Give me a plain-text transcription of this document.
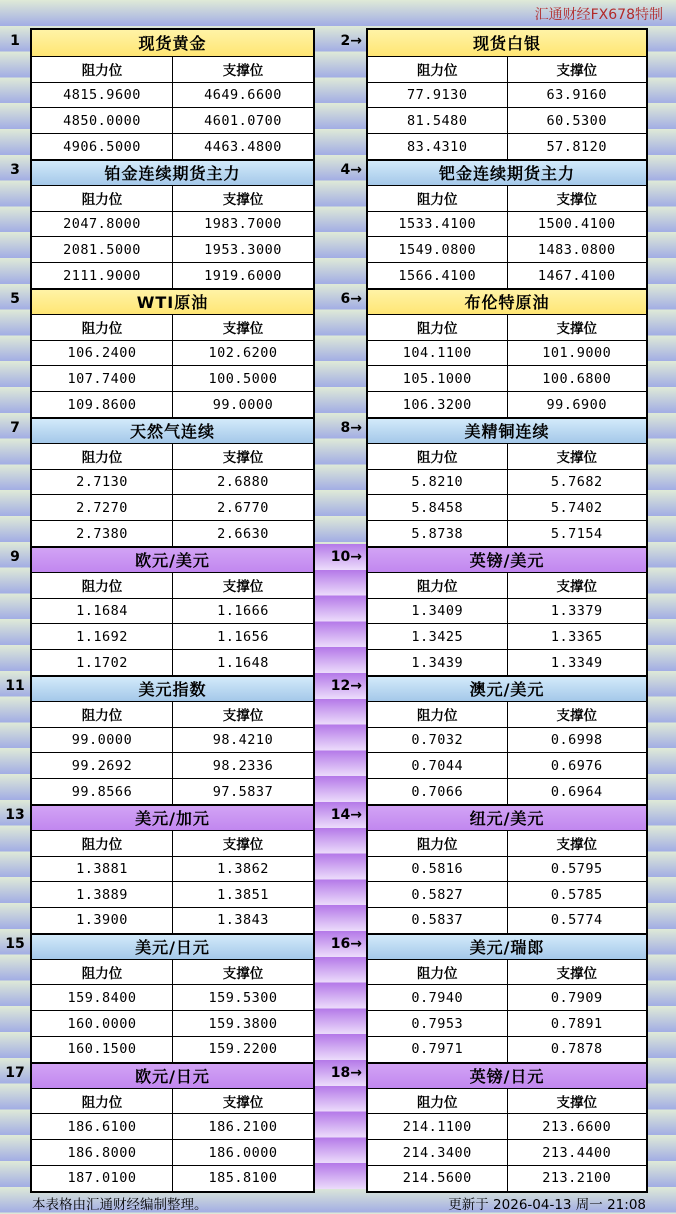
汇通财经FX678特制
现货黄金
阻力位	支撑位
4815.9600	4649.6600
4850.0000	4601.0700
4906.5000	4463.4800
铂金连续期货主力
阻力位	支撑位
2047.8000	1983.7000
2081.5000	1953.3000
2111.9000	1919.6000
WTI原油
阻力位	支撑位
106.2400	102.6200
107.7400	100.5000
109.8600	99.0000
天然气连续
阻力位	支撑位
2.7130	2.6880
2.7270	2.6770
2.7380	2.6630
欧元/美元
阻力位	支撑位
1.1684	1.1666
1.1692	1.1656
1.1702	1.1648
美元指数
阻力位	支撑位
99.0000	98.4210
99.2692	98.2336
99.8566	97.5837
美元/加元
阻力位	支撑位
1.3881	1.3862
1.3889	1.3851
1.3900	1.3843
美元/日元
阻力位	支撑位
159.8400	159.5300
160.0000	159.3800
160.1500	159.2200
欧元/日元
阻力位	支撑位
186.6100	186.2100
186.8000	186.0000
187.0100	185.8100
现货白银
阻力位	支撑位
77.9130	63.9160
81.5480	60.5300
83.4310	57.8120
钯金连续期货主力
阻力位	支撑位
1533.4100	1500.4100
1549.0800	1483.0800
1566.4100	1467.4100
布伦特原油
阻力位	支撑位
104.1100	101.9000
105.1000	100.6800
106.3200	99.6900
美精铜连续
阻力位	支撑位
5.8210	5.7682
5.8458	5.7402
5.8738	5.7154
英镑/美元
阻力位	支撑位
1.3409	1.3379
1.3425	1.3365
1.3439	1.3349
澳元/美元
阻力位	支撑位
0.7032	0.6998
0.7044	0.6976
0.7066	0.6964
纽元/美元
阻力位	支撑位
0.5816	0.5795
0.5827	0.5785
0.5837	0.5774
美元/瑞郎
阻力位	支撑位
0.7940	0.7909
0.7953	0.7891
0.7971	0.7878
英镑/日元
阻力位	支撑位
214.1100	213.6600
214.3400	213.4400
214.5600	213.2100
1	2→
3	4→
5	6→
7	8→
9	10→
11	12→
13	14→
15	16→
17	18→
本表格由汇通财经编制整理。	更新于 2026-04-13 周一 21:08
